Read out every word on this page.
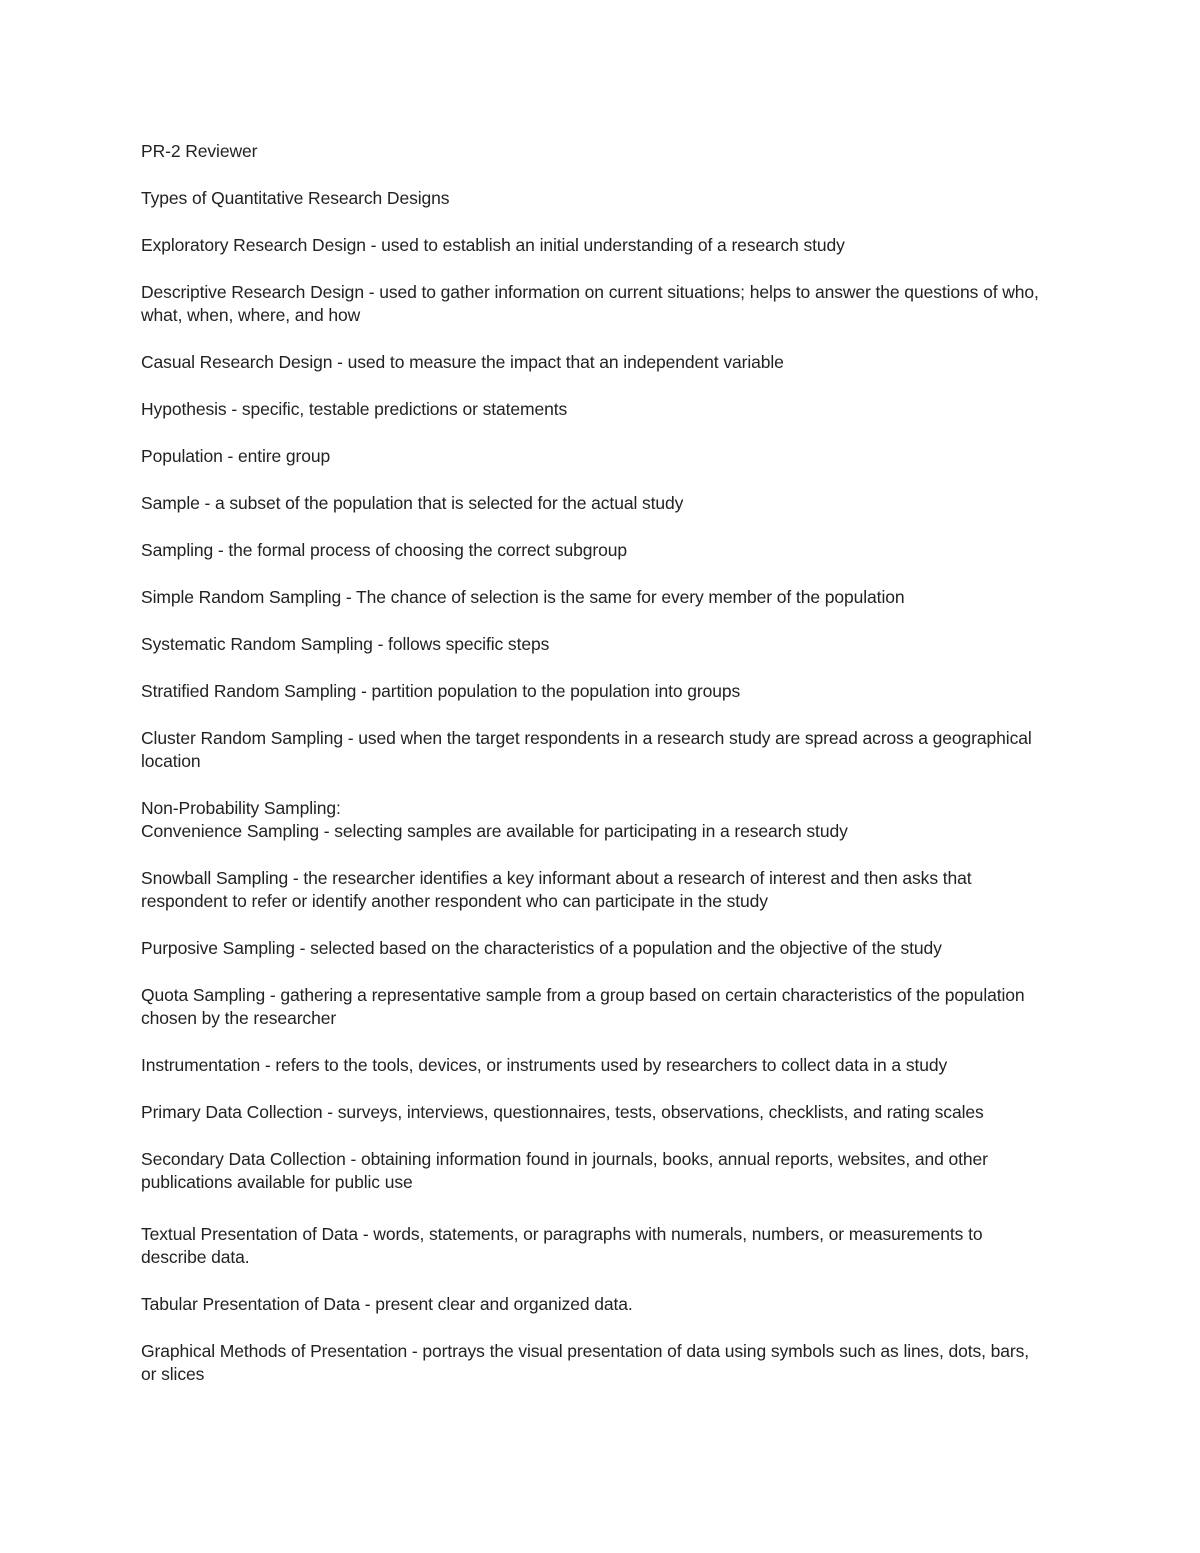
PR-2 Reviewer

Types of Quantitative Research Designs

Exploratory Research Design - used to establish an initial understanding of a research study

Descriptive Research Design - used to gather information on current situations; helps to answer the questions of who,
what, when, where, and how

Casual Research Design - used to measure the impact that an independent variable

Hypothesis - specific, testable predictions or statements

Population - entire group

Sample - a subset of the population that is selected for the actual study

Sampling - the formal process of choosing the correct subgroup

Simple Random Sampling - The chance of selection is the same for every member of the population

Systematic Random Sampling - follows specific steps

Stratified Random Sampling - partition population to the population into groups

Cluster Random Sampling - used when the target respondents in a research study are spread across a geographical
location

Non-Probability Sampling:
Convenience Sampling - selecting samples are available for participating in a research study

Snowball Sampling - the researcher identifies a key informant about a research of interest and then asks that
respondent to refer or identify another respondent who can participate in the study

Purposive Sampling - selected based on the characteristics of a population and the objective of the study

Quota Sampling - gathering a representative sample from a group based on certain characteristics of the population
chosen by the researcher

Instrumentation - refers to the tools, devices, or instruments used by researchers to collect data in a study

Primary Data Collection - surveys, interviews, questionnaires, tests, observations, checklists, and rating scales

Secondary Data Collection - obtaining information found in journals, books, annual reports, websites, and other
publications available for public use

Textual Presentation of Data - words, statements, or paragraphs with numerals, numbers, or measurements to
describe data.

Tabular Presentation of Data - present clear and organized data.

Graphical Methods of Presentation - portrays the visual presentation of data using symbols such as lines, dots, bars,
or slices
